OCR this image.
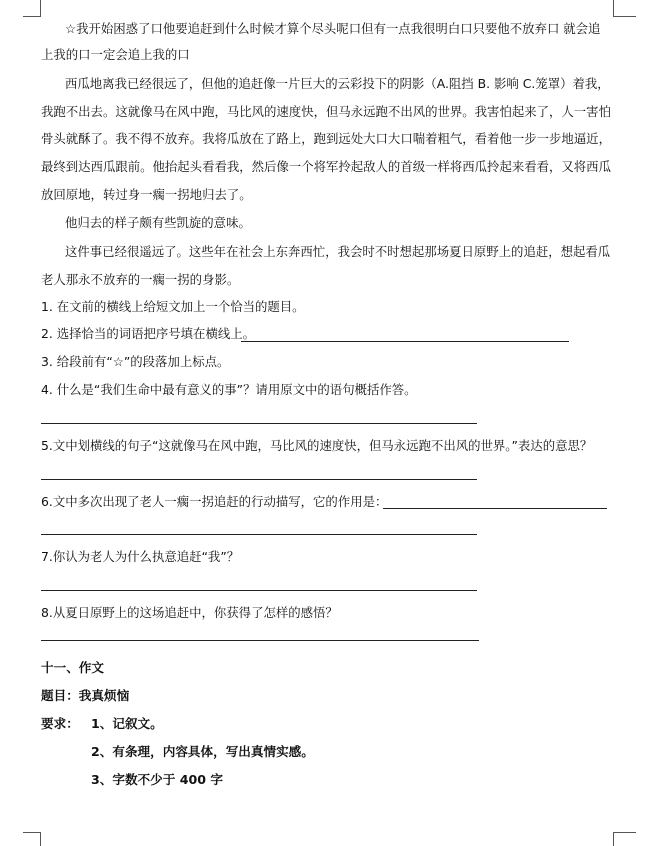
☆我开始困惑了口他要追赶到什么时候才算个尽头呢口但有一点我很明白口只要他不放弃口 就会追
上我的口一定会追上我的口
西瓜地离我已经很远了，但他的追赶像一片巨大的云彩投下的阴影（A.阻挡 B. 影响 C.笼罩）着我，
我跑不出去。这就像马在风中跑，马比风的速度快，但马永远跑不出风的世界。我害怕起来了，人一害怕
骨头就酥了。我不得不放弃。我将瓜放在了路上，跑到远处大口大口喘着粗气，看着他一步一步地逼近，
最终到达西瓜跟前。他抬起头看看我，然后像一个将军拎起敌人的首级一样将西瓜拎起来看看，又将西瓜
放回原地，转过身一瘸一拐地归去了。
他归去的样子颇有些凯旋的意味。
这件事已经很遥远了。这些年在社会上东奔西忙，我会时不时想起那场夏日原野上的追赶，想起看瓜
老人那永不放弃的一瘸一拐的身影。
1. 在文前的横线上给短文加上一个恰当的题目。
2. 选择恰当的词语把序号填在横线上。
3. 给段前有“☆”的段落加上标点。
4. 什么是“我们生命中最有意义的事”？请用原文中的语句概括作答。
5.文中划横线的句子“这就像马在风中跑，马比风的速度快，但马永远跑不出风的世界。”表达的意思？
6.文中多次出现了老人一瘸一拐追赶的行动描写，它的作用是：
7.你认为老人为什么执意追赶“我”？
8.从夏日原野上的这场追赶中，你获得了怎样的感悟？
十一、作文
题目：我真烦恼
要求： 1、记叙文。
2、有条理，内容具体，写出真情实感。
3、字数不少于 400 字
